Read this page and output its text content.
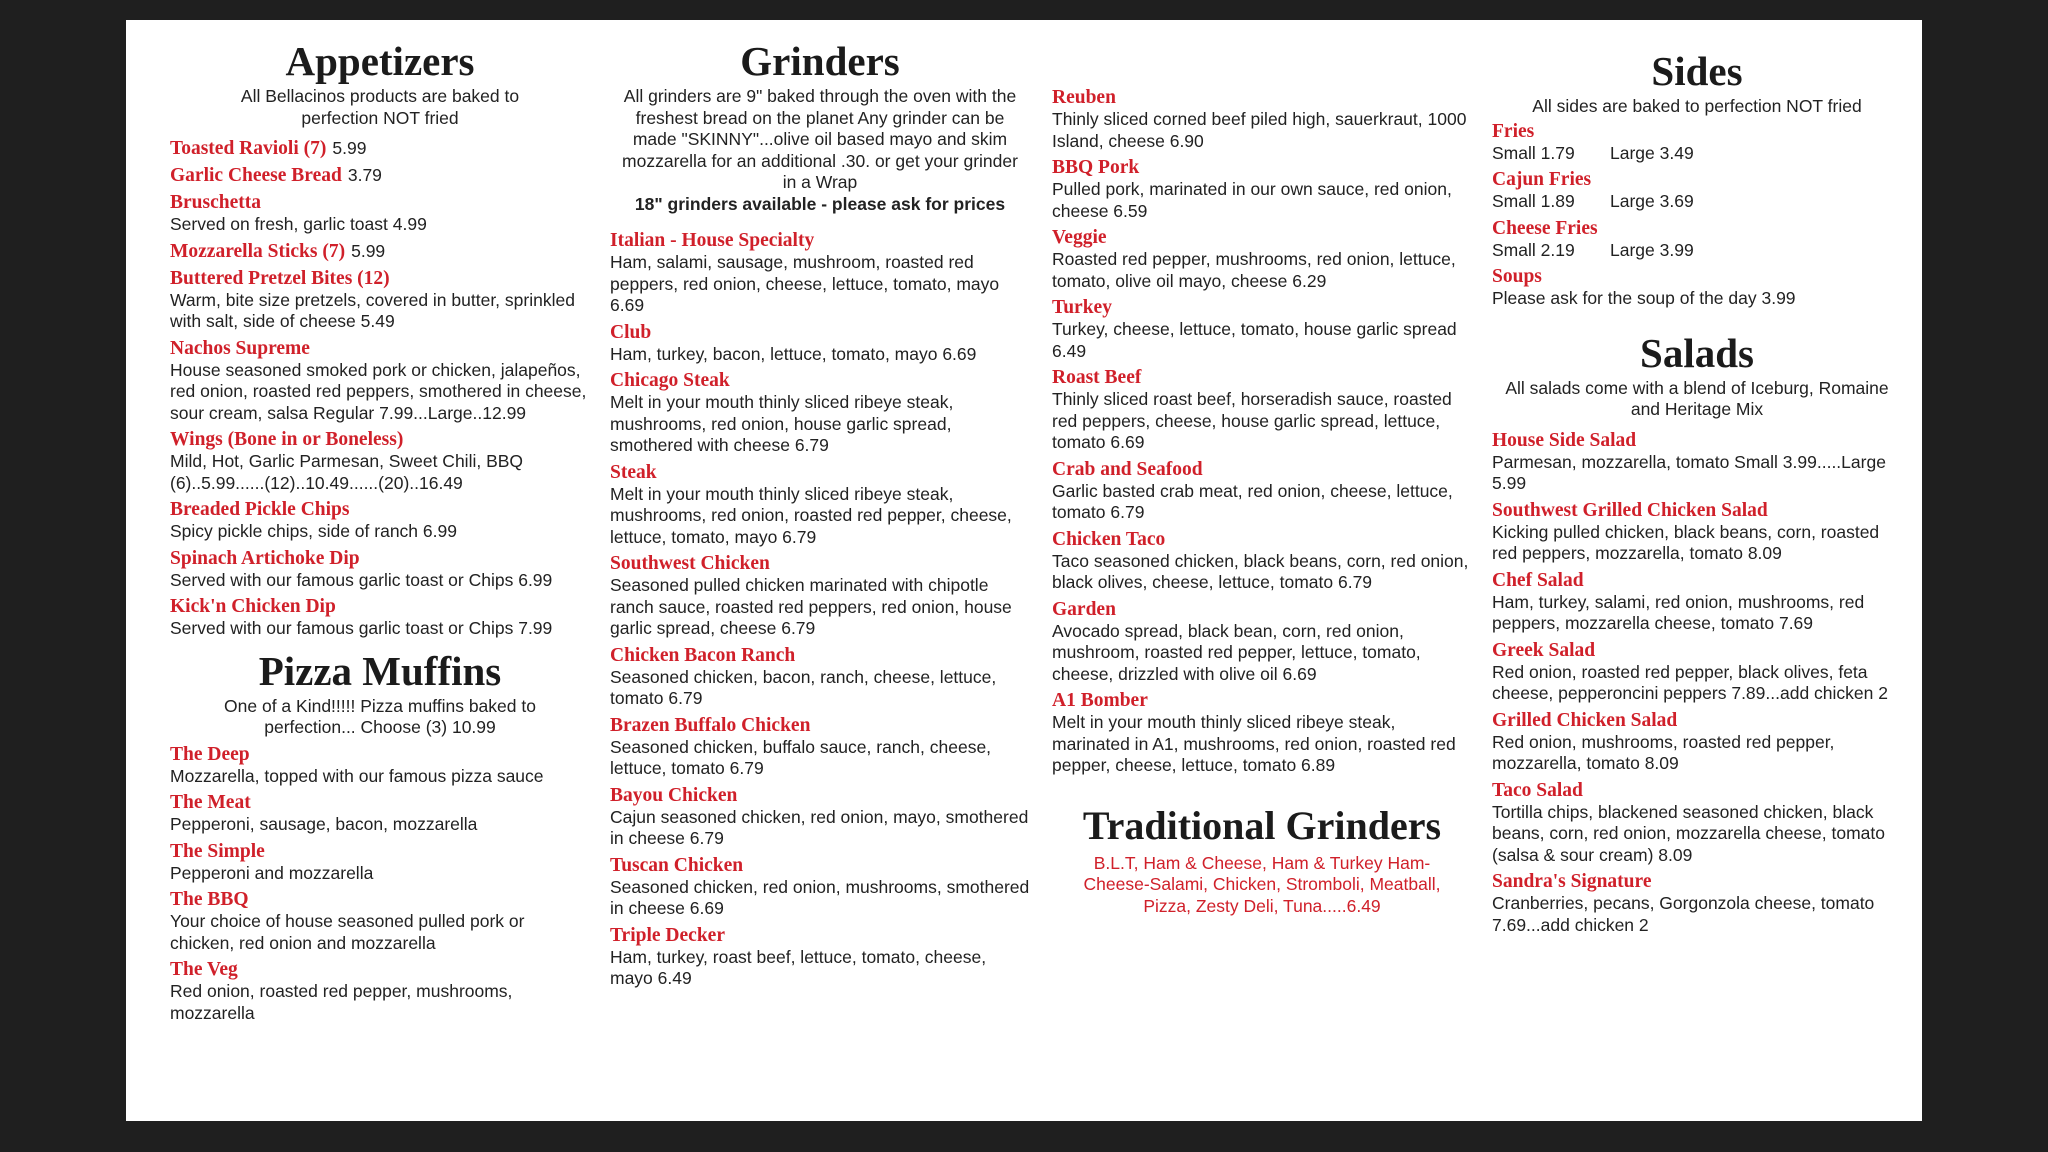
Appetizers
All Bellacinos products are baked to perfection NOT fried
Toasted Ravioli (7) 5.99
Garlic Cheese Bread 3.79
Bruschetta
Served on fresh, garlic toast 4.99
Mozzarella Sticks (7) 5.99
Buttered Pretzel Bites (12)
Warm, bite size pretzels, covered in butter, sprinkled with salt, side of cheese 5.49
Nachos Supreme
House seasoned smoked pork or chicken, jalapeños, red onion, roasted red peppers, smothered in cheese, sour cream, salsa Regular 7.99...Large..12.99
Wings (Bone in or Boneless)
Mild, Hot, Garlic Parmesan, Sweet Chili, BBQ (6)..5.99......(12)..10.49......(20)..16.49
Breaded Pickle Chips
Spicy pickle chips, side of ranch 6.99
Spinach Artichoke Dip
Served with our famous garlic toast or Chips 6.99
Kick'n Chicken Dip
Served with our famous garlic toast or Chips 7.99
Pizza Muffins
One of a Kind!!!!! Pizza muffins baked to perfection... Choose (3) 10.99
The Deep
Mozzarella, topped with our famous pizza sauce
The Meat
Pepperoni, sausage, bacon, mozzarella
The Simple
Pepperoni and mozzarella
The BBQ
Your choice of house seasoned pulled pork or chicken, red onion and mozzarella
The Veg
Red onion, roasted red pepper, mushrooms, mozzarella
Grinders
All grinders are 9" baked through the oven with the freshest bread on the planet Any grinder can be made "SKINNY"...olive oil based mayo and skim mozzarella for an additional .30. or get your grinder in a Wrap
18" grinders available - please ask for prices
Italian - House Specialty
Ham, salami, sausage, mushroom, roasted red peppers, red onion, cheese, lettuce, tomato, mayo 6.69
Club
Ham, turkey, bacon, lettuce, tomato, mayo 6.69
Chicago Steak
Melt in your mouth thinly sliced ribeye steak, mushrooms, red onion, house garlic spread, smothered with cheese 6.79
Steak
Melt in your mouth thinly sliced ribeye steak, mushrooms, red onion, roasted red pepper, cheese, lettuce, tomato, mayo 6.79
Southwest Chicken
Seasoned pulled chicken marinated with chipotle ranch sauce, roasted red peppers, red onion, house garlic spread, cheese 6.79
Chicken Bacon Ranch
Seasoned chicken, bacon, ranch, cheese, lettuce, tomato 6.79
Brazen Buffalo Chicken
Seasoned chicken, buffalo sauce, ranch, cheese, lettuce, tomato 6.79
Bayou Chicken
Cajun seasoned chicken, red onion, mayo, smothered in cheese 6.79
Tuscan Chicken
Seasoned chicken, red onion, mushrooms, smothered in cheese 6.69
Triple Decker
Ham, turkey, roast beef, lettuce, tomato, cheese, mayo 6.49
Reuben
Thinly sliced corned beef piled high, sauerkraut, 1000 Island, cheese 6.90
BBQ Pork
Pulled pork, marinated in our own sauce, red onion, cheese 6.59
Veggie
Roasted red pepper, mushrooms, red onion, lettuce, tomato, olive oil mayo, cheese 6.29
Turkey
Turkey, cheese, lettuce, tomato, house garlic spread 6.49
Roast Beef
Thinly sliced roast beef, horseradish sauce, roasted red peppers, cheese, house garlic spread, lettuce, tomato 6.69
Crab and Seafood
Garlic basted crab meat, red onion, cheese, lettuce, tomato 6.79
Chicken Taco
Taco seasoned chicken, black beans, corn, red onion, black olives, cheese, lettuce, tomato 6.79
Garden
Avocado spread, black bean, corn, red onion, mushroom, roasted red pepper, lettuce, tomato, cheese, drizzled with olive oil 6.69
A1 Bomber
Melt in your mouth thinly sliced ribeye steak, marinated in A1, mushrooms, red onion, roasted red pepper, cheese, lettuce, tomato 6.89
Traditional Grinders
B.L.T, Ham & Cheese, Ham & Turkey Ham-Cheese-Salami, Chicken, Stromboli, Meatball, Pizza, Zesty Deli, Tuna.....6.49
Sides
All sides are baked to perfection NOT fried
Fries
Small 1.79 Large 3.49
Cajun Fries
Small 1.89 Large 3.69
Cheese Fries
Small 2.19 Large 3.99
Soups
Please ask for the soup of the day 3.99
Salads
All salads come with a blend of Iceburg, Romaine and Heritage Mix
House Side Salad
Parmesan, mozzarella, tomato Small 3.99.....Large 5.99
Southwest Grilled Chicken Salad
Kicking pulled chicken, black beans, corn, roasted red peppers, mozzarella, tomato 8.09
Chef Salad
Ham, turkey, salami, red onion, mushrooms, red peppers, mozzarella cheese, tomato 7.69
Greek Salad
Red onion, roasted red pepper, black olives, feta cheese, pepperoncini peppers 7.89...add chicken 2
Grilled Chicken Salad
Red onion, mushrooms, roasted red pepper, mozzarella, tomato 8.09
Taco Salad
Tortilla chips, blackened seasoned chicken, black beans, corn, red onion, mozzarella cheese, tomato (salsa & sour cream) 8.09
Sandra's Signature
Cranberries, pecans, Gorgonzola cheese, tomato 7.69...add chicken 2
